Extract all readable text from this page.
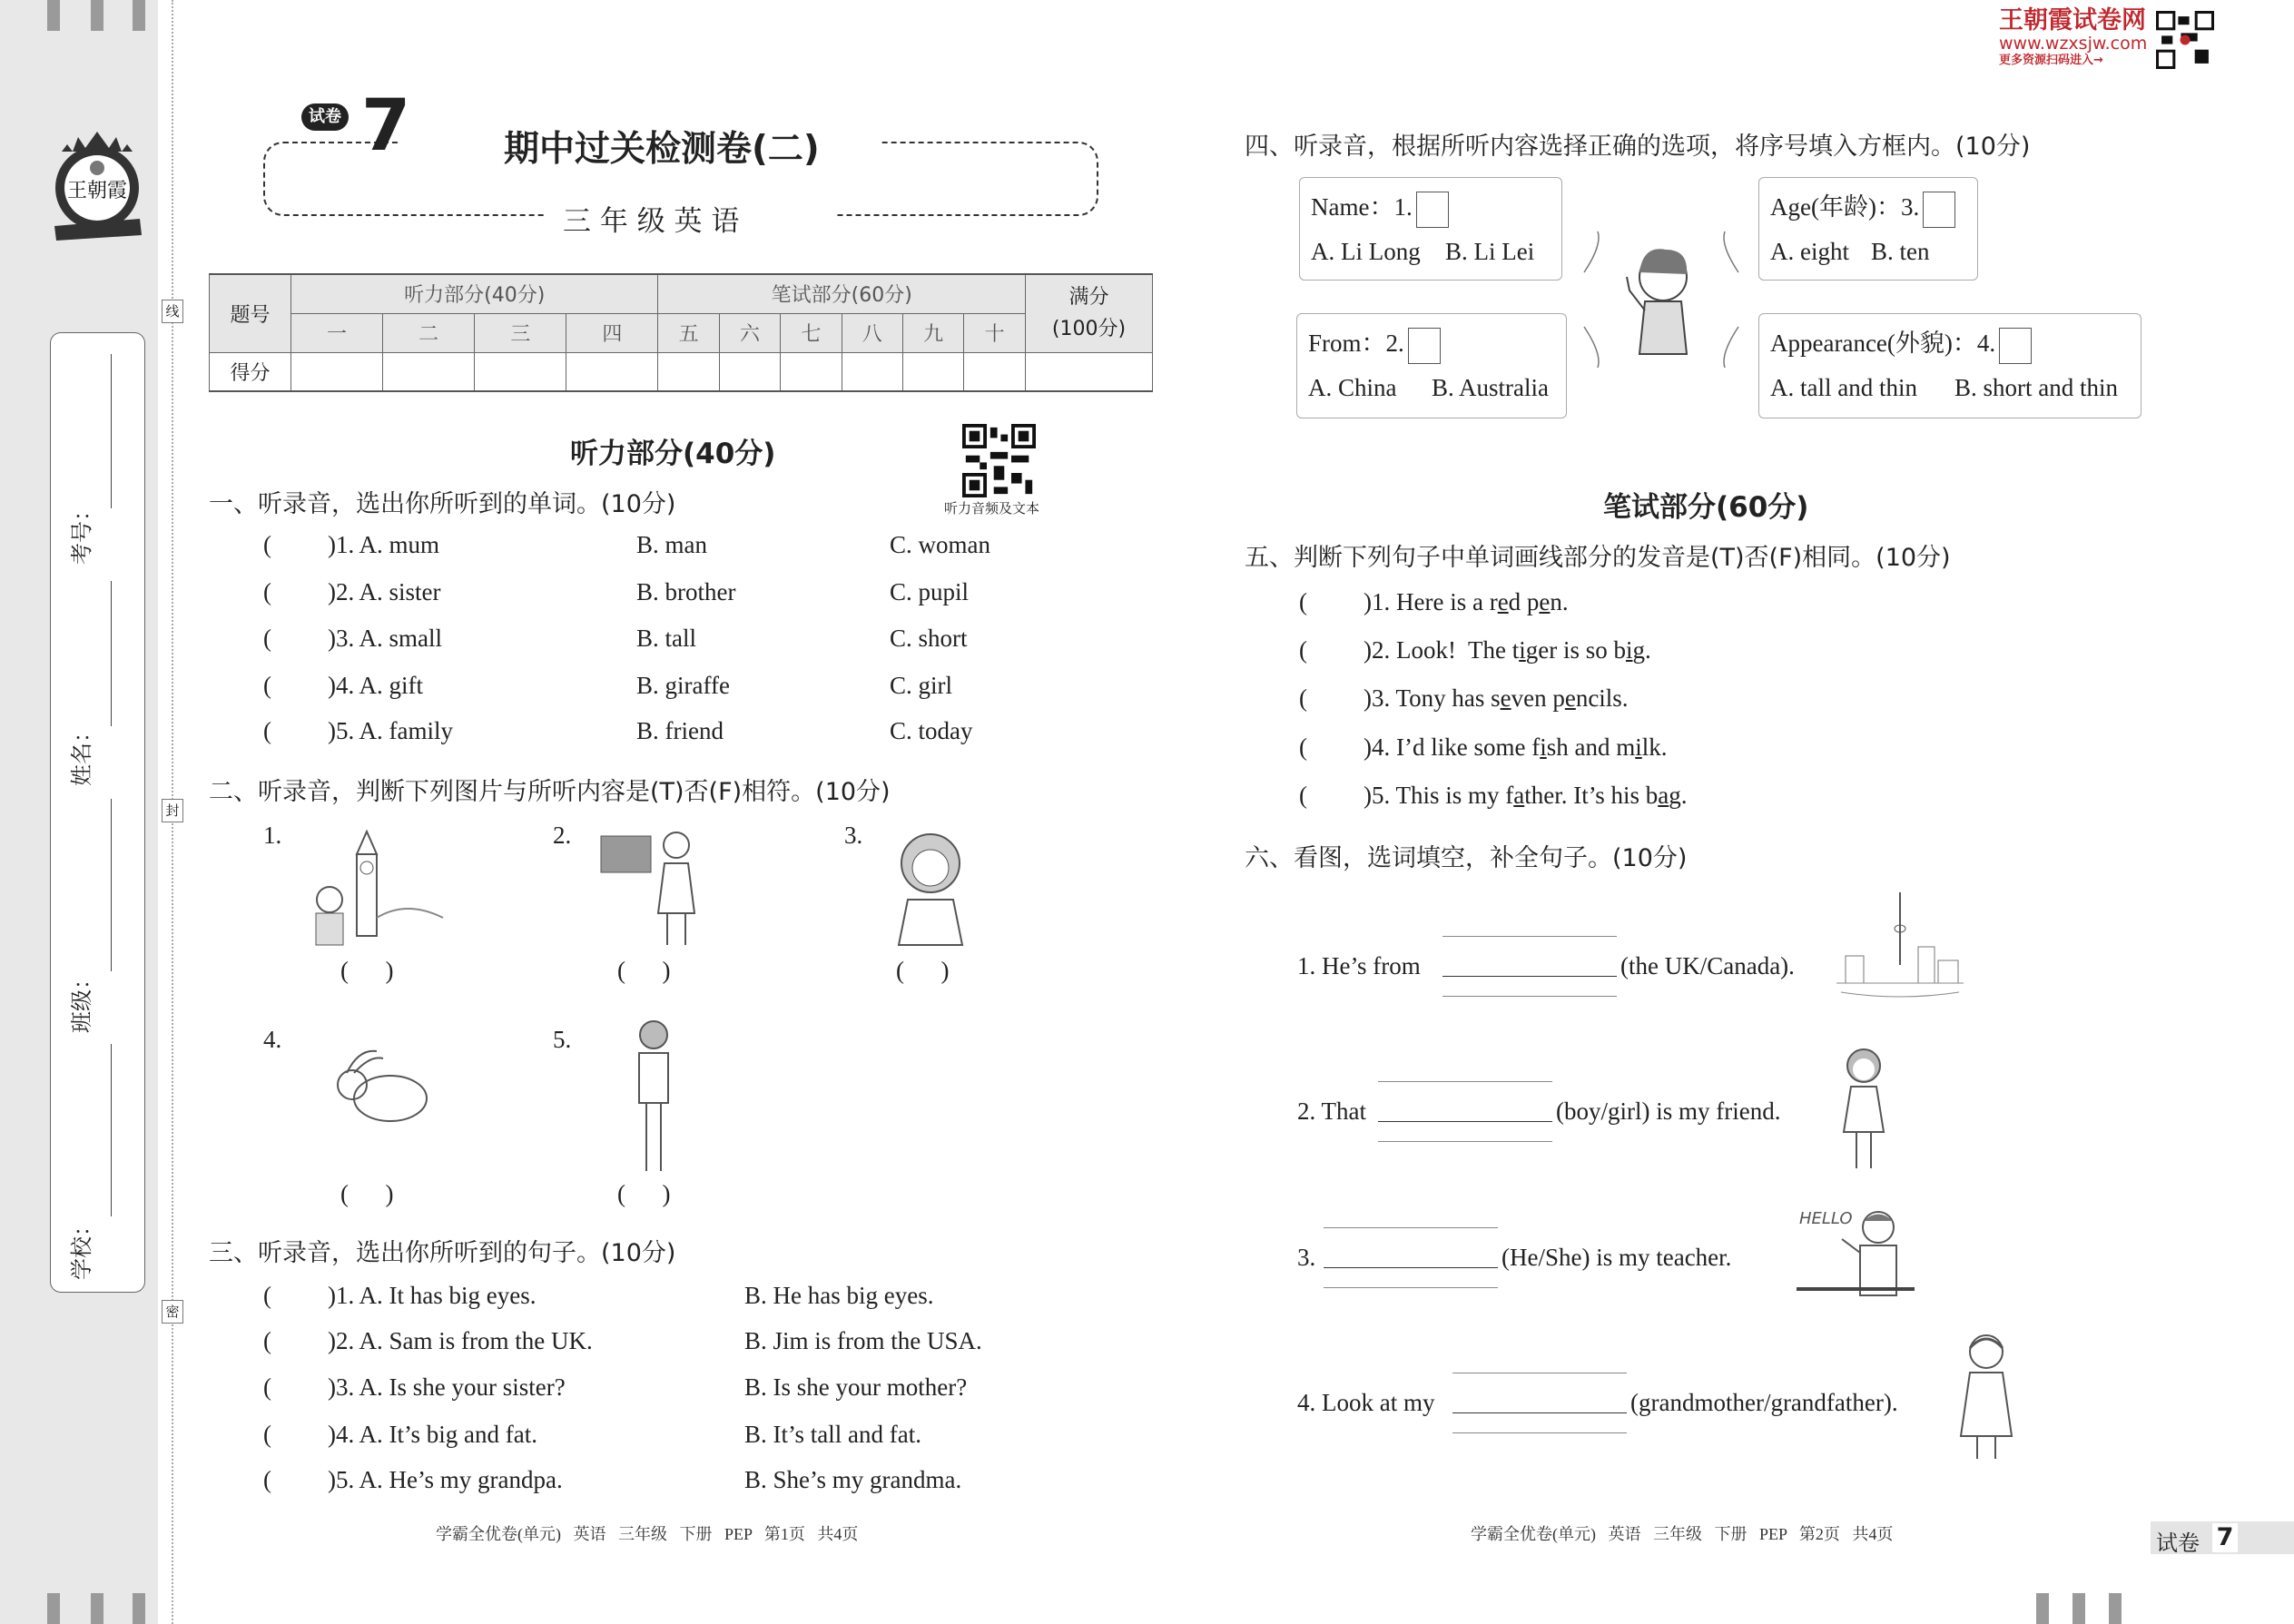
线
封
密
王朝霞
考号：
姓名：
班级：
学校：
试卷 7	期中过关检测卷(二)
三 年 级 英 语
题号	听力部分(40分)				笔试部分(60分)						满分
(100分)
	一	二	三	四	五	六	七	八	九	十	
得分											
听力部分(40分)
听力音频及文本
一、听录音，选出你所听到的单词。(10分)
( )1. A. mum	B. man	C. woman
( )2. A. sister	B. brother	C. pupil
( )3. A. small	B. tall	C. short
( )4. A. gift	B. giraffe	C. girl
( )5. A. family	B. friend	C. today
二、听录音，判断下列图片与所听内容是(T)否(F)相符。(10分)
1.
(      )
2.
(      )
3.
(      )
4.
(      )
5.
(      )
三、听录音，选出你所听到的句子。(10分)
( )1. A. It has big eyes.	B. He has big eyes.
( )2. A. Sam is from the UK.	B. Jim is from the USA.
( )3. A. Is she your sister?	B. Is she your mother?
( )4. A. It’s big and fat.	B. It’s tall and fat.
( )5. A. He’s my grandpa.	B. She’s my grandma.
四、听录音，根据所听内容选择正确的选项，将序号填入方框内。(10分)
Name：1.
A. Li Long B. Li Lei
From：2.
A. China B. Australia
Age(年龄)：3.
A. eight B. ten
Appearance(外貌)：4.
A. tall and thin B. short and thin
笔试部分(60分)
五、判断下列句子中单词画线部分的发音是(T)否(F)相同。(10分)
( )1. Here is a red pen.
( )2. Look!  The tiger is so big.
( )3. Tony has seven pencils.
( )4. I’d like some fish and milk.
( )5. This is my father. It’s his bag.
六、看图，选词填空，补全句子。(10分)
1. He’s from	(the UK/Canada).
2. That	(boy/girl) is my friend.
3.	(He/She) is my teacher.
4. Look at my	(grandmother/grandfather).
HELLO
王朝霞试卷网
www.wzxsjw.com
更多资源扫码进入→
学霸全优卷(单元)   英语   三年级   下册   PEP   第1页   共4页	学霸全优卷(单元)   英语   三年级   下册   PEP   第2页   共4页	试卷 7
